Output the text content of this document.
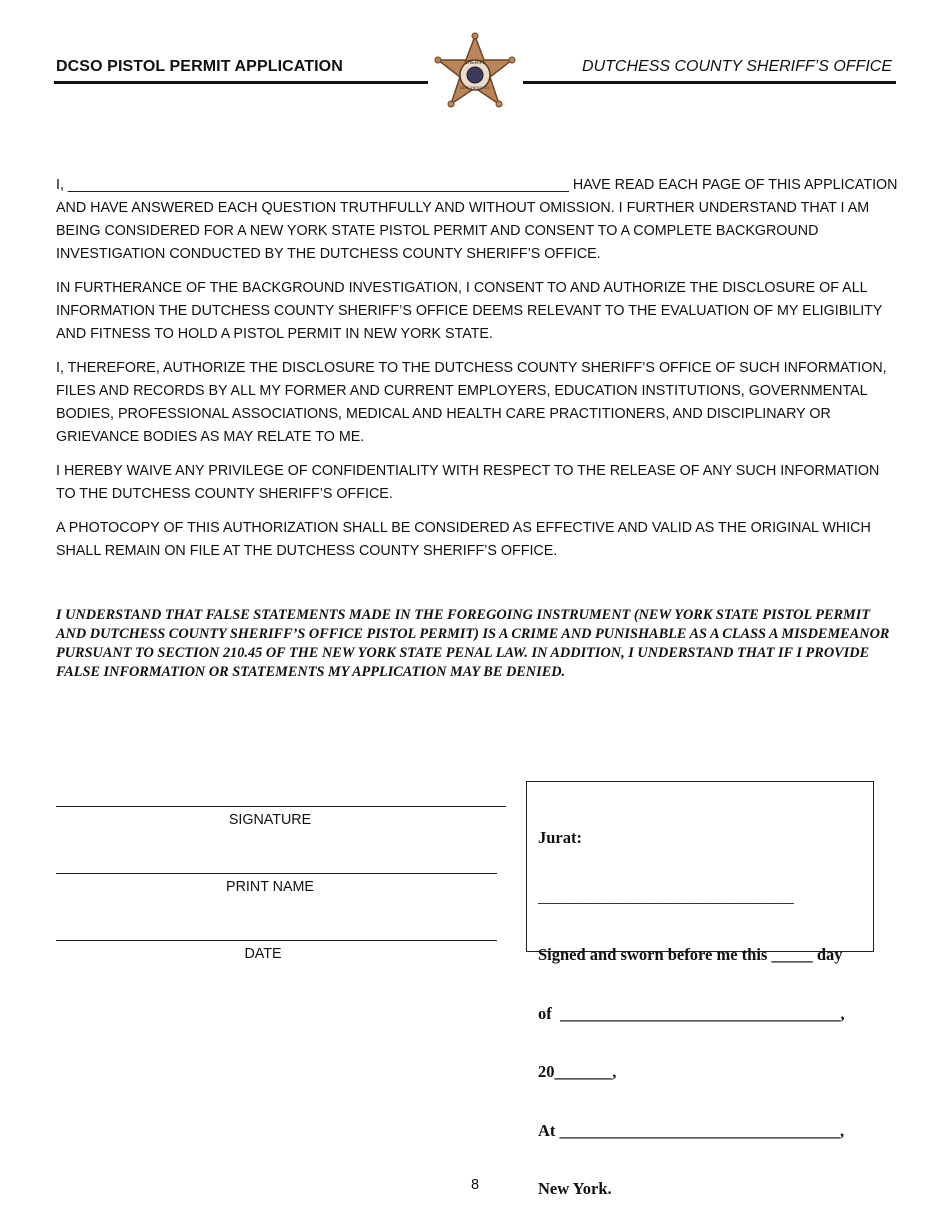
DCSO PISTOL PERMIT APPLICATION	SHERIFF
DUTCHESS CO.
DUTCHESS COUNTY SHERIFF’S OFFICE

I, _______________________________________________________________ HAVE READ EACH PAGE OF THIS APPLICATION AND HAVE ANSWERED EACH QUESTION TRUTHFULLY AND WITHOUT OMISSION. I FURTHER UNDERSTAND THAT I AM BEING CONSIDERED FOR A NEW YORK STATE PISTOL PERMIT AND CONSENT TO A COMPLETE BACKGROUND INVESTIGATION CONDUCTED BY THE DUTCHESS COUNTY SHERIFF’S OFFICE.

IN FURTHERANCE OF THE BACKGROUND INVESTIGATION, I CONSENT TO AND AUTHORIZE THE DISCLOSURE OF ALL INFORMATION THE DUTCHESS COUNTY SHERIFF’S OFFICE DEEMS RELEVANT TO THE EVALUATION OF MY ELIGIBILITY AND FITNESS TO HOLD A PISTOL PERMIT IN NEW YORK STATE.

I, THEREFORE, AUTHORIZE THE DISCLOSURE TO THE DUTCHESS COUNTY SHERIFF’S OFFICE OF SUCH INFORMATION, FILES AND RECORDS BY ALL MY FORMER AND CURRENT EMPLOYERS, EDUCATION INSTITUTIONS, GOVERNMENTAL BODIES, PROFESSIONAL ASSOCIATIONS, MEDICAL AND HEALTH CARE PRACTITIONERS, AND DISCIPLINARY OR GRIEVANCE BODIES AS MAY RELATE TO ME.

I HEREBY WAIVE ANY PRIVILEGE OF CONFIDENTIALITY WITH RESPECT TO THE RELEASE OF ANY SUCH INFORMATION TO THE DUTCHESS COUNTY SHERIFF’S OFFICE.

A PHOTOCOPY OF THIS AUTHORIZATION SHALL BE CONSIDERED AS EFFECTIVE AND VALID AS THE ORIGINAL WHICH SHALL REMAIN ON FILE AT THE DUTCHESS COUNTY SHERIFF’S OFFICE.

I UNDERSTAND THAT FALSE STATEMENTS MADE IN THE FOREGOING INSTRUMENT (NEW YORK STATE PISTOL PERMIT AND DUTCHESS COUNTY SHERIFF’S OFFICE PISTOL PERMIT) IS A CRIME AND PUNISHABLE AS A CLASS A MISDEMEANOR PURSUANT TO SECTION 210.45 OF THE NEW YORK STATE PENAL LAW. IN ADDITION, I UNDERSTAND THAT IF I PROVIDE FALSE INFORMATION OR STATEMENTS MY APPLICATION MAY BE DENIED.
SIGNATURE
PRINT NAME
DATE

Jurat:

_______________________________

Signed and sworn before me this _____ day

of  __________________________________,

20_______,

At __________________________________,

New York.

8
